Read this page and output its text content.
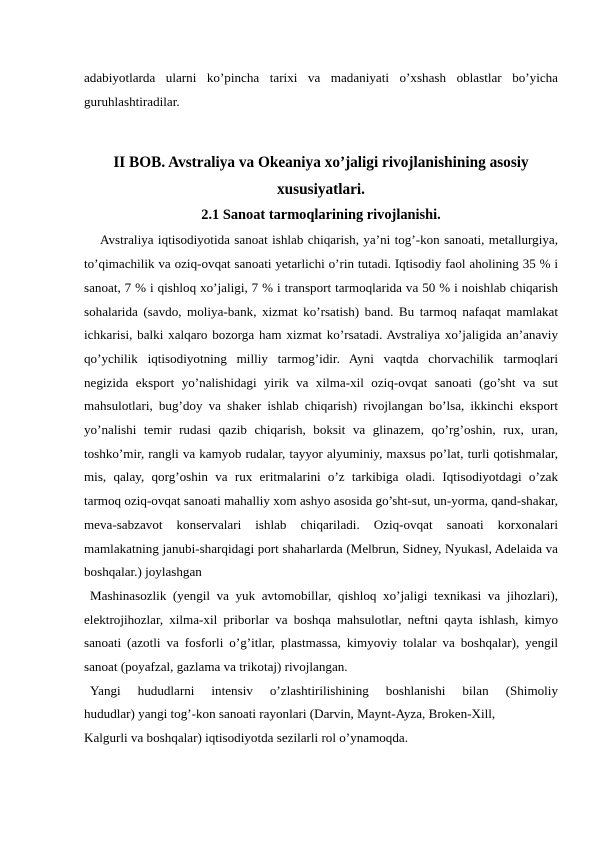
adabiyotlarda ularni ko’pincha tarixi va madaniyati o’xshash oblastlar bo’yicha guruhlashtiradilar.

II BOB. Avstraliya va Okeaniya xo’jaligi rivojlanishining asosiy xususiyatlari.

2.1 Sanoat tarmoqlarining rivojlanishi.

Avstraliya iqtisodiyotida sanoat ishlab chiqarish, ya’ni tog’-kon sanoati, metallurgiya, to’qimachilik va oziq-ovqat sanoati yetarlichi o’rin tutadi. Iqtisodiy faol aholining 35 % i sanoat, 7 % i qishloq xo’jaligi, 7 % i transport tarmoqlarida va 50 % i noishlab chiqarish sohalarida (savdo, moliya-bank, xizmat ko’rsatish) band. Bu tarmoq nafaqat mamlakat ichkarisi, balki xalqaro bozorga ham xizmat ko’rsatadi. Avstraliya xo’jaligida an’anaviy qo’ychilik iqtisodiyotning milliy tarmog’idir. Ayni vaqtda chorvachilik tarmoqlari negizida eksport yo’nalishidagi yirik va xilma-xil oziq-ovqat sanoati (go’sht va sut mahsulotlari, bug’doy va shaker ishlab chiqarish) rivojlangan bo’lsa, ikkinchi eksport yo’nalishi temir rudasi qazib chiqarish, boksit va glinazem, qo’rg’oshin, rux, uran, toshko’mir, rangli va kamyob rudalar, tayyor alyuminiy, maxsus po’lat, turli qotishmalar, mis, qalay, qorg’oshin va rux eritmalarini o’z tarkibiga oladi. Iqtisodiyotdagi o’zak tarmoq oziq-ovqat sanoati mahalliy xom ashyo asosida go’sht-sut, un-yorma, qand-shakar, meva-sabzavot konservalari ishlab chiqariladi. Oziq-ovqat sanoati korxonalari mamlakatning janubi-sharqidagi port shaharlarda (Melbrun, Sidney, Nyukasl, Adelaida va boshqalar.) joylashgan

Mashinasozlik (yengil va yuk avtomobillar, qishloq xo’jaligi texnikasi va jihozlari), elektrojihozlar, xilma-xil priborlar va boshqa mahsulotlar, neftni qayta ishlash, kimyo sanoati (azotli va fosforli o’g’itlar, plastmassa, kimyoviy tolalar va boshqalar), yengil sanoat (poyafzal, gazlama va trikotaj) rivojlangan.

Yangi hududlarni intensiv o’zlashtirilishining boshlanishi bilan (Shimoliy
hududlar) yangi tog’-kon sanoati rayonlari (Darvin, Maynt-Ayza, Broken-Xill,
Kalgurli va boshqalar) iqtisodiyotda sezilarli rol o’ynamoqda.
